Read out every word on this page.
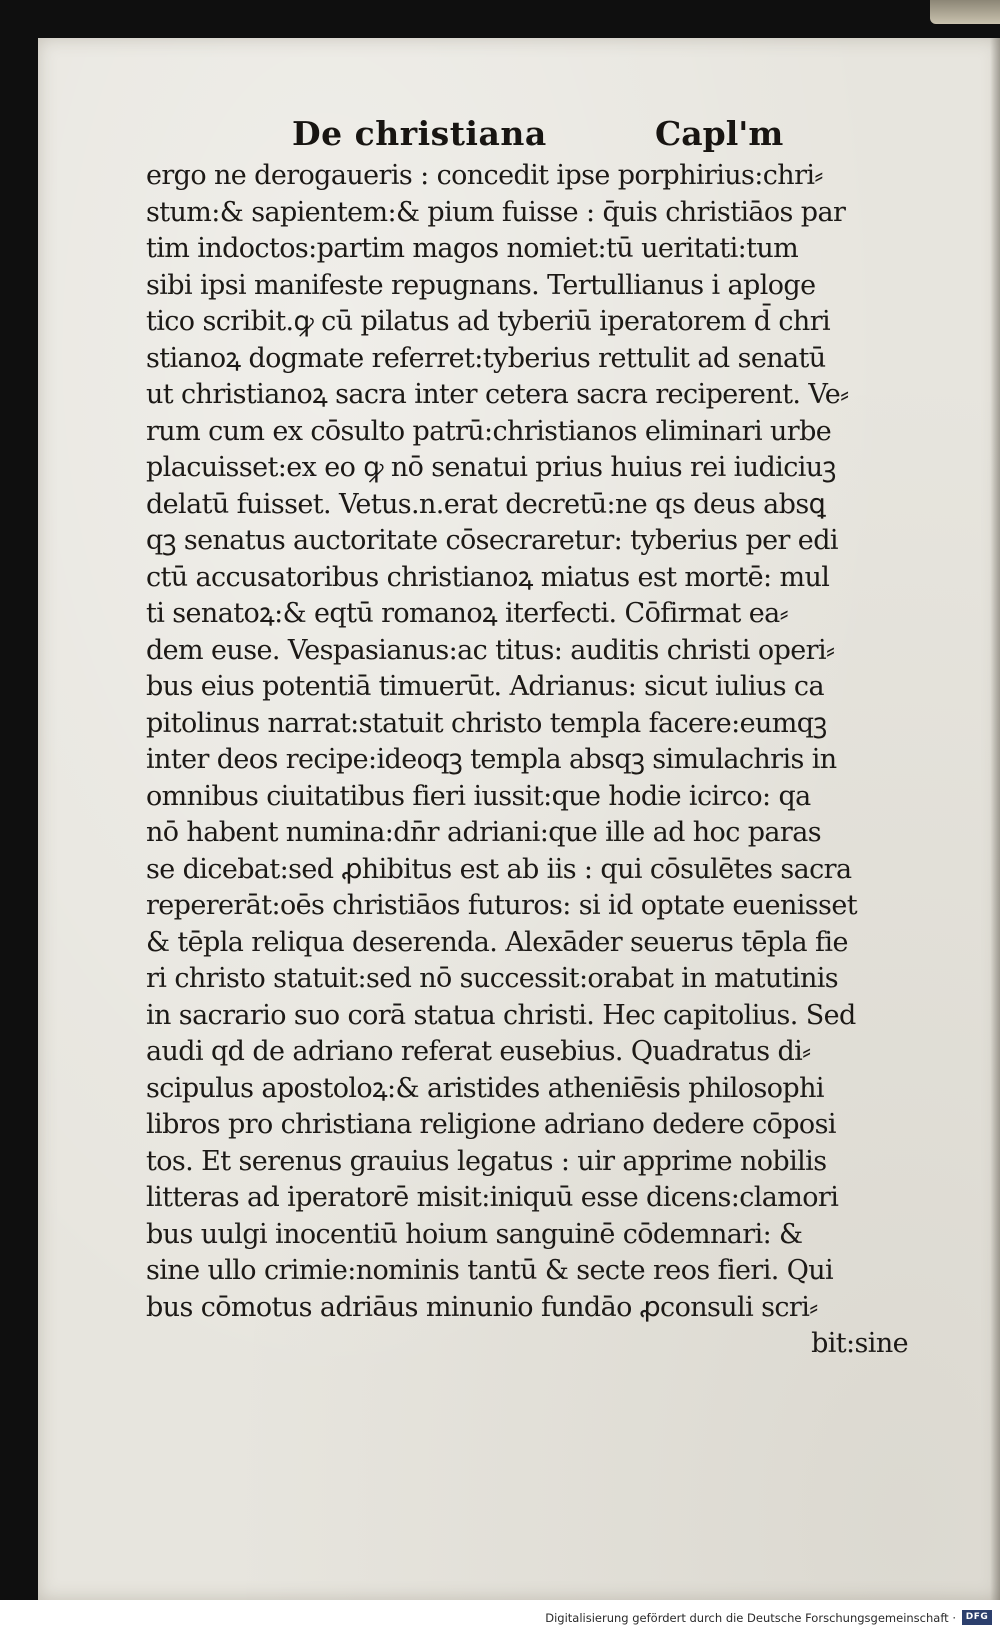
De christiana	Capl'm
ergo ne derogaueris : concedit ipse porphirius:chri⸗
stum:& sapientem:& pium fuisse : q̄uis christiāos par
tim indoctos:partim magos nomiet:tū ueritati:tum
sibi ipsi manifeste repugnans. Tertullianus i aploge
tico scribit.ꝙ cū pilatus ad tyberiū iperatorem d̄ chri
stianoꝝ dogmate referret:tyberius rettulit ad senatū
ut christianoꝝ sacra inter cetera sacra reciperent. Ve⸗
rum cum ex cōsulto patrū:christianos eliminari urbe
placuisset:ex eo ꝙ nō senatui prius huius rei iudiciuꝫ
delatū fuisset. Vetus.n.erat decretū:ne qs deus absꝗ
qꝫ senatus auctoritate cōsecraretur: tyberius per edi
ctū accusatoribus christianoꝝ miatus est mortē: mul
ti senatoꝝ:& eqtū romanoꝝ iterfecti. Cōfirmat ea⸗
dem euse. Vespasianus:ac titus: auditis christi operi⸗
bus eius potentiā timuerūt. Adrianus: sicut iulius ca
pitolinus narrat:statuit christo templa facere:eumqꝫ
inter deos recipe:ideoqꝫ templa absqꝫ simulachris in
omnibus ciuitatibus fieri iussit:que hodie icirco: qa
nō habent numina:dn̄r adriani:que ille ad hoc paras
se dicebat:sed ꝓhibitus est ab iis : qui cōsulētes sacra
repererāt:oēs christiāos futuros: si id optate euenisset
& tēpla reliqua deserenda. Alexāder seuerus tēpla fie
ri christo statuit:sed nō successit:orabat in matutinis
in sacrario suo corā statua christi. Hec capitolius. Sed
audi qd de adriano referat eusebius. Quadratus di⸗
scipulus apostoloꝝ:& aristides atheniēsis philosophi
libros pro christiana religione adriano dedere cōposi
tos. Et serenus grauius legatus : uir apprime nobilis
litteras ad iperatorē misit:iniquū esse dicens:clamori
bus uulgi inocentiū hoium sanguinē cōdemnari: &
sine ullo crimie:nominis tantū & secte reos fieri. Qui
bus cōmotus adriāus minunio fundāo ꝓconsuli scri⸗
bit:sine
Digitalisierung gefördert durch die Deutsche Forschungsgemeinschaft ·	DFG
